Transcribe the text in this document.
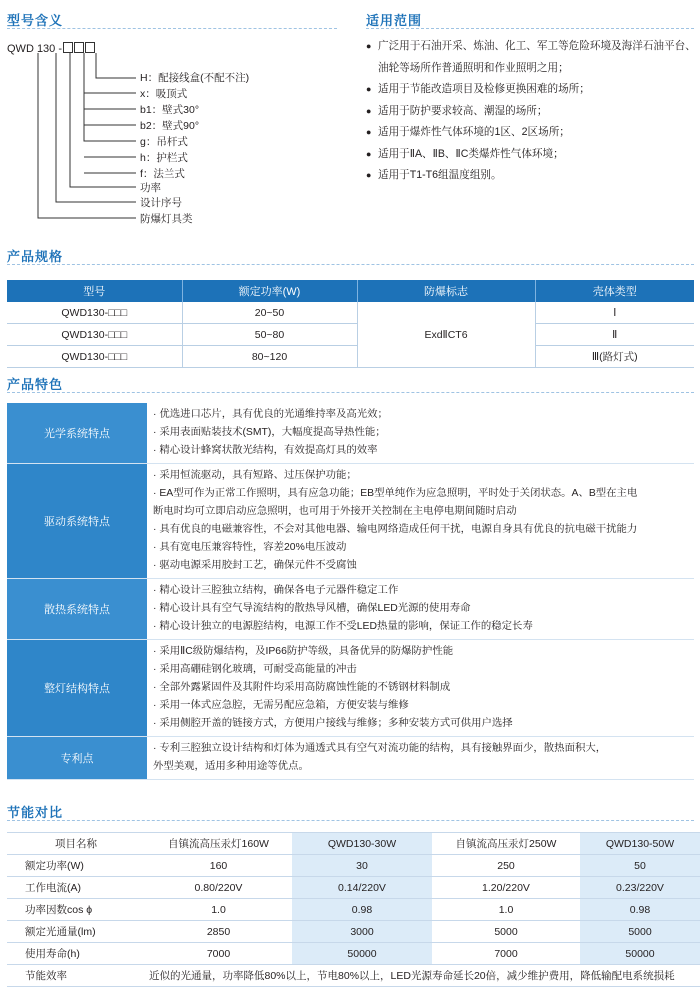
型号含义
QWD 130 -
H：配接线盒(不配不注)
x：吸顶式
b1：壁式30°
b2：壁式90°
g：吊杆式
h：护栏式
f：法兰式
功率
设计序号
防爆灯具类
适用范围
● 广泛用于石油开采、炼油、化工、军工等危险环境及海洋石油平台、油轮等场所作普通照明和作业照明之用；
● 适用于节能改造项目及检修更换困难的场所；
● 适用于防护要求较高、潮湿的场所；
● 适用于爆炸性气体环境的1区、2区场所；
● 适用于ⅡA、ⅡB、ⅡC类爆炸性气体环境；
● 适用于T1-T6组温度组别。
产品规格
型号	额定功率(W)	防爆标志	壳体类型
QWD130-□□□	20~50	ExdⅡCT6	Ⅰ
QWD130-□□□	50~80		Ⅱ
QWD130-□□□	80~120		Ⅲ(路灯式)
产品特色
光学系统特点
· 优选进口芯片，具有优良的光通维持率及高光效；
· 采用表面贴装技术(SMT)，大幅度提高导热性能；
· 精心设计蜂窝状散光结构，有效提高灯具的效率
驱动系统特点
· 采用恒流驱动，具有短路、过压保护功能；
· EA型可作为正常工作照明，具有应急功能；EB型单纯作为应急照明，平时处于关闭状态。A、B型在主电
断电时均可立即启动应急照明，也可用于外接开关控制在主电停电期间随时启动
· 具有优良的电磁兼容性，不会对其他电器、输电网络造成任何干扰，电源自身具有优良的抗电磁干扰能力
· 具有宽电压兼容特性，容差20%电压波动
· 驱动电源采用胶封工艺，确保元件不受腐蚀
散热系统特点
· 精心设计三腔独立结构，确保各电子元器件稳定工作
· 精心设计具有空气导流结构的散热导风槽，确保LED光源的使用寿命
· 精心设计独立的电源腔结构，电源工作不受LED热量的影响，保证工作的稳定长寿
整灯结构特点
· 采用ⅡC级防爆结构，及IP66防护等级，具备优异的防爆防护性能
· 采用高硼硅钢化玻璃，可耐受高能量的冲击
· 全部外露紧固件及其附件均采用高防腐蚀性能的不锈钢材料制成
· 采用一体式应急腔，无需另配应急箱，方便安装与维修
· 采用侧腔开盖的链接方式，方便用户接线与维修；多种安装方式可供用户选择
专利点
· 专利三腔独立设计结构和灯体为通透式具有空气对流功能的结构，具有接触界面少，散热面积大，
外型美观，适用多种用途等优点。
节能对比
项目名称	自镇流高压汞灯160W	QWD130-30W	自镇流高压汞灯250W	QWD130-50W
额定功率(W)	160	30	250	50
工作电流(A)	0.80/220V	0.14/220V	1.20/220V	0.23/220V
功率因数cos ϕ	1.0	0.98	1.0	0.98
额定光通量(lm)	2850	3000	5000	5000
使用寿命(h)	7000	50000	7000	50000
节能效率	近似的光通量，功率降低80%以上，节电80%以上，LED光源寿命延长20倍，减少维护费用，降低输配电系统损耗			
